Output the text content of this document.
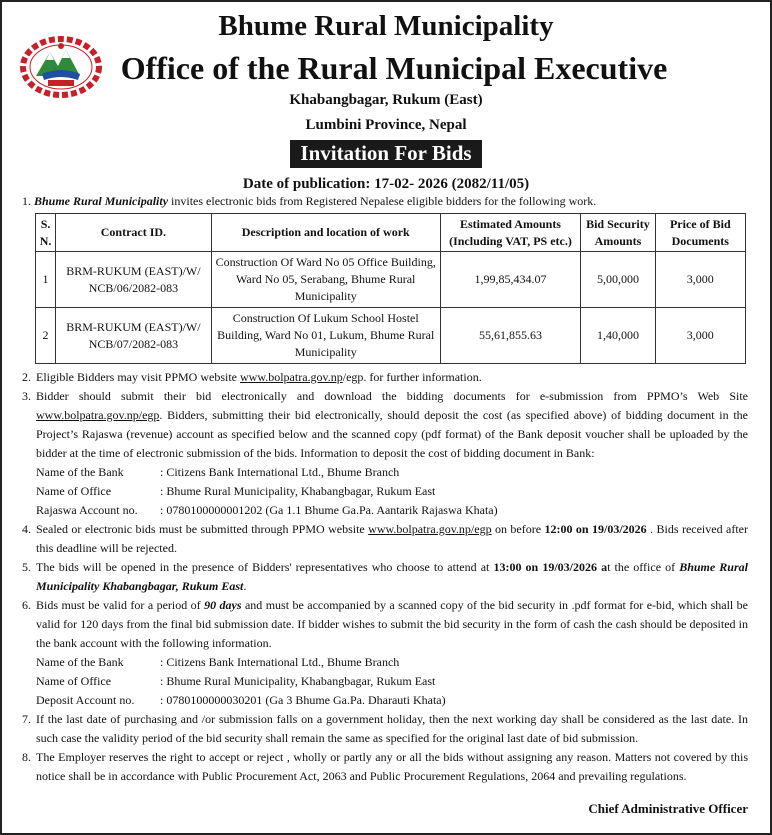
Bhume Rural Municipality
Office of the Rural Municipal Executive
Khabangbagar, Rukum (East)
Lumbini Province, Nepal
Invitation For Bids
Date of publication: 17-02- 2026 (2082/11/05)
1. Bhume Rural Municipality invites electronic bids from Registered Nepalese eligible bidders for the following work.
S. N.	Contract ID.	Description and location of work	Estimated Amounts (Including VAT, PS etc.)	Bid Security Amounts	Price of Bid Documents
1	BRM-RUKUM (EAST)/W/ NCB/06/2082-083	Construction Of Ward No 05 Office Building, Ward No 05, Serabang, Bhume Rural Municipality	1,99,85,434.07	5,00,000	3,000
2	BRM-RUKUM (EAST)/W/ NCB/07/2082-083	Construction Of Lukum School Hostel Building, Ward No 01, Lukum, Bhume Rural Municipality	55,61,855.63	1,40,000	3,000
2. Eligible Bidders may visit PPMO website www.bolpatra.gov.np/egp. for further information.
3. Bidder should submit their bid electronically and download the bidding documents for e-submission from PPMO’s Web Site www.bolpatra.gov.np/egp. Bidders, submitting their bid electronically, should deposit the cost (as specified above) of bidding document in the Project’s Rajaswa (revenue) account as specified below and the scanned copy (pdf format) of the Bank deposit voucher shall be uploaded by the bidder at the time of electronic submission of the bids. Information to deposit the cost of bidding document in Bank:
Name of the Bank	: Citizens Bank International Ltd., Bhume Branch
Name of Office	: Bhume Rural Municipality, Khabangbagar, Rukum East
Rajaswa Account no. : 0780100000001202 (Ga 1.1 Bhume Ga.Pa. Aantarik Rajaswa Khata)
4. Sealed or electronic bids must be submitted through PPMO website www.bolpatra.gov.np/egp on before 12:00 on 19/03/2026 . Bids received after this deadline will be rejected.
5. The bids will be opened in the presence of Bidders' representatives who choose to attend at 13:00 on 19/03/2026 at the office of Bhume Rural Municipality Khabangbagar, Rukum East.
6. Bids must be valid for a period of 90 days and must be accompanied by a scanned copy of the bid security in .pdf format for e-bid, which shall be valid for 120 days from the final bid submission date. If bidder wishes to submit the bid security in the form of cash the cash should be deposited in the bank account with the following information.
Name of the Bank	: Citizens Bank International Ltd., Bhume Branch
Name of Office	: Bhume Rural Municipality, Khabangbagar, Rukum East
Deposit Account no. : 0780100000030201 (Ga 3 Bhume Ga.Pa. Dharauti Khata)
7. If the last date of purchasing and /or submission falls on a government holiday, then the next working day shall be considered as the last date. In such case the validity period of the bid security shall remain the same as specified for the original last date of bid submission.
8. The Employer reserves the right to accept or reject , wholly or partly any or all the bids without assigning any reason. Matters not covered by this notice shall be in accordance with Public Procurement Act, 2063 and Public Procurement Regulations, 2064 and prevailing regulations.
Chief Administrative Officer
